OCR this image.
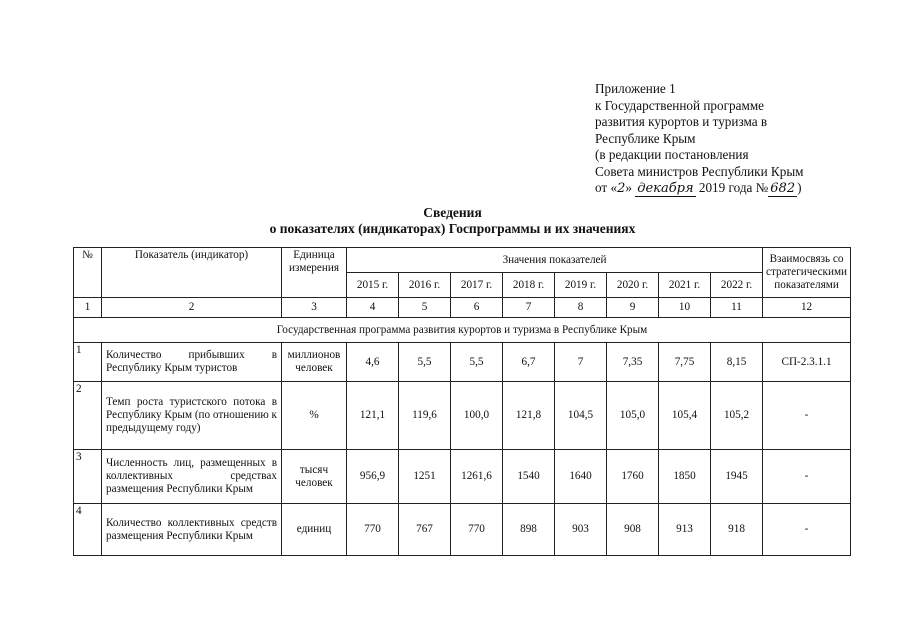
Приложение 1
к Государственной программе
развития курортов и туризма в
Республике Крым
(в редакции постановления
Совета министров Республики Крым
от «2» декабря 2019 года № 682 )
Сведения
о показателях (индикаторах) Госпрограммы и их значениях
№	Показатель (индикатор)	Единица измерения	Значения показателей								Взаимосвязь со стратегическими показателями
			2015 г.	2016 г.	2017 г.	2018 г.	2019 г.	2020 г.	2021 г.	2022 г.	
1	2	3	4	5	6	7	8	9	10	11	12
Государственная программа развития курортов и туризма в Республике Крым											
1	Количество прибывших в Республику Крым туристов	миллионов человек	4,6	5,5	5,5	6,7	7	7,35	7,75	8,15	СП-2.3.1.1
2	Темп роста туристского потока в Республику Крым (по отношению к предыдущему году)	%	121,1	119,6	100,0	121,8	104,5	105,0	105,4	105,2	-
3	Численность лиц, размещенных в коллективных средствах размещения Республики Крым	тысяч человек	956,9	1251	1261,6	1540	1640	1760	1850	1945	-
4	Количество коллективных средств размещения Республики Крым	единиц	770	767	770	898	903	908	913	918	-
